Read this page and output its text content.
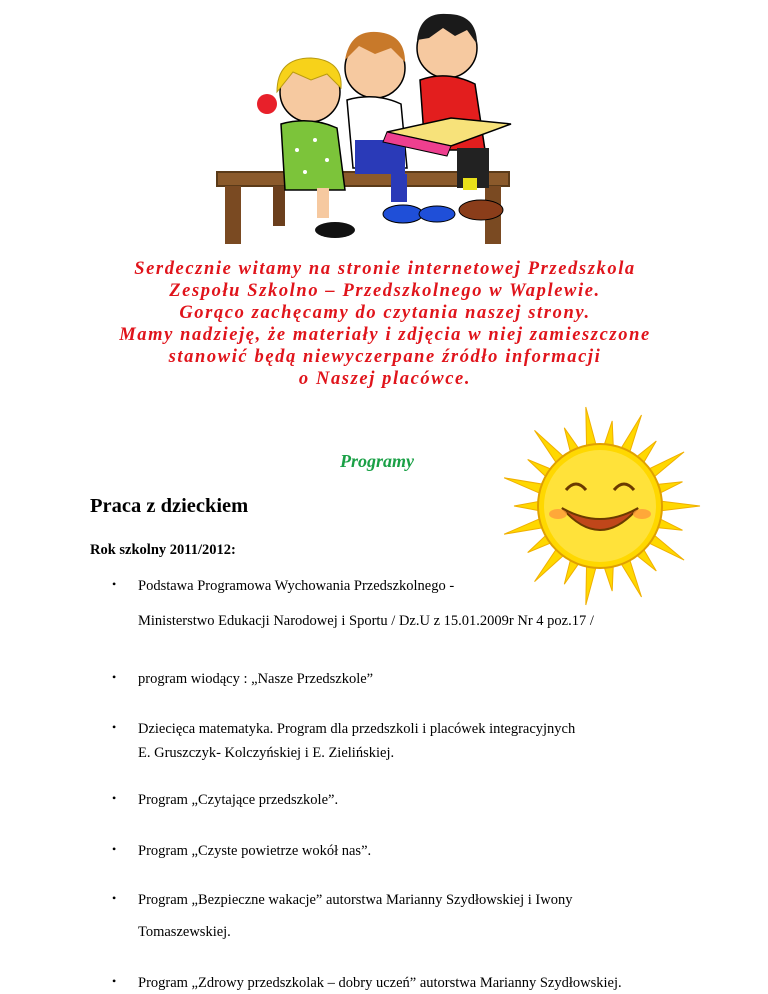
Serdecznie witamy na stronie internetowej Przedszkola
Zespołu Szkolno – Przedszkolnego w Waplewie.
Gorąco zachęcamy do czytania naszej strony.
Mamy nadzieję, że materiały i zdjęcia w niej zamieszczone
stanowić będą niewyczerpane źródło informacji
o Naszej placówce.
Programy
Praca z dzieckiem
Rok szkolny 2011/2012:
• Podstawa Programowa Wychowania Przedszkolnego -
Ministerstwo Edukacji Narodowej i Sportu / Dz.U z 15.01.2009r Nr 4 poz.17 /
• program wiodący : „Nasze Przedszkole”
• Dziecięca matematyka. Program dla przedszkoli i placówek integracyjnych
E. Gruszczyk- Kolczyńskiej i E. Zielińskiej.
• Program „Czytające przedszkole”.
• Program „Czyste powietrze wokół nas”.
• Program „Bezpieczne wakacje” autorstwa Marianny Szydłowskiej i Iwony
Tomaszewskiej.
• Program „Zdrowy przedszkolak – dobry uczeń” autorstwa Marianny Szydłowskiej.
